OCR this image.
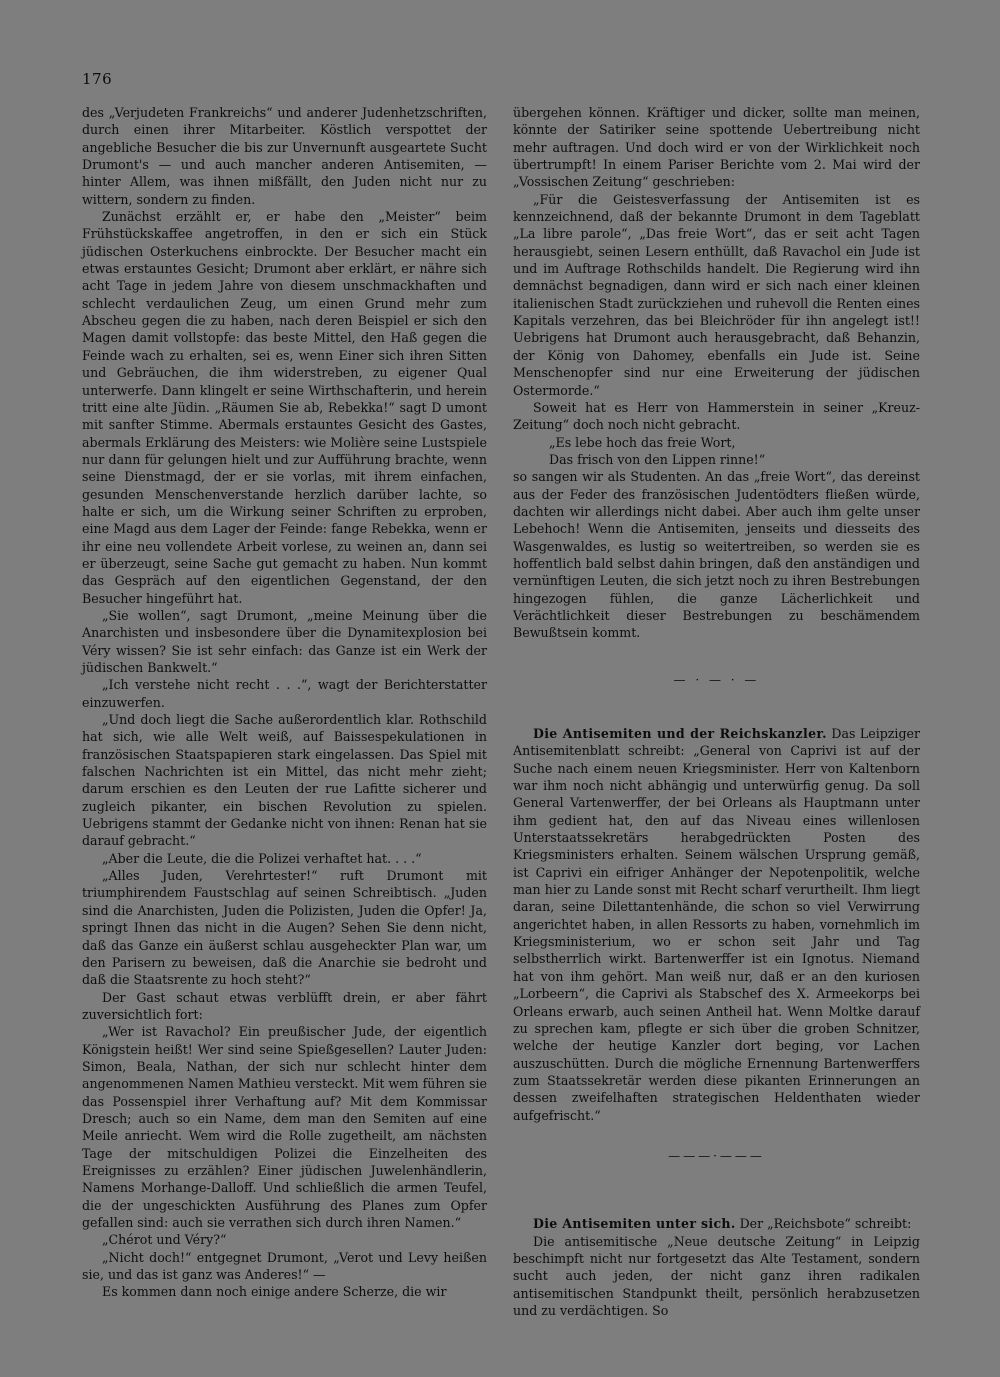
176

des „Verjudeten Frankreichs“ und anderer Judenhetzschriften, durch einen ihrer Mitarbeiter. Köstlich verspottet der angebliche Besucher die bis zur Unvernunft ausgeartete Sucht Drumont's — und auch mancher anderen Antisemiten, — hinter Allem, was ihnen mißfällt, den Juden nicht nur zu wittern, sondern zu finden.

Zunächst erzählt er, er habe den „Meister“ beim Frühstückskaffee angetroffen, in den er sich ein Stück jüdischen Osterkuchens einbrockte. Der Besucher macht ein etwas erstauntes Gesicht; Drumont aber erklärt, er nähre sich acht Tage in jedem Jahre von diesem unschmackhaften und schlecht verdaulichen Zeug, um einen Grund mehr zum Abscheu gegen die zu haben, nach deren Beispiel er sich den Magen damit vollstopfe: das beste Mittel, den Haß gegen die Feinde wach zu erhalten, sei es, wenn Einer sich ihren Sitten und Gebräuchen, die ihm widerstreben, zu eigener Qual unterwerfe. Dann klingelt er seine Wirthschafterin, und herein tritt eine alte Jüdin. „Räumen Sie ab, Rebekka!“ sagt D umont mit sanfter Stimme. Abermals erstauntes Gesicht des Gastes, abermals Erklärung des Meisters: wie Molière seine Lustspiele nur dann für gelungen hielt und zur Aufführung brachte, wenn seine Dienstmagd, der er sie vorlas, mit ihrem einfachen, gesunden Menschenverstande herzlich darüber lachte, so halte er sich, um die Wirkung seiner Schriften zu erproben, eine Magd aus dem Lager der Feinde: fange Rebekka, wenn er ihr eine neu vollendete Arbeit vorlese, zu weinen an, dann sei er überzeugt, seine Sache gut gemacht zu haben. Nun kommt das Gespräch auf den eigentlichen Gegenstand, der den Besucher hingeführt hat.

„Sie wollen“, sagt Drumont, „meine Meinung über die Anarchisten und insbesondere über die Dynamitexplosion bei Véry wissen? Sie ist sehr einfach: das Ganze ist ein Werk der jüdischen Bankwelt.“

„Ich verstehe nicht recht . . .“, wagt der Berichterstatter einzuwerfen.

„Und doch liegt die Sache außerordentlich klar. Rothschild hat sich, wie alle Welt weiß, auf Baissespekulationen in französischen Staatspapieren stark eingelassen. Das Spiel mit falschen Nachrichten ist ein Mittel, das nicht mehr zieht; darum erschien es den Leuten der rue Lafitte sicherer und zugleich pikanter, ein bischen Revolution zu spielen. Uebrigens stammt der Gedanke nicht von ihnen: Renan hat sie darauf gebracht.“

„Aber die Leute, die die Polizei verhaftet hat. . . .“

„Alles Juden, Verehrtester!“ ruft Drumont mit triumphirendem Faustschlag auf seinen Schreibtisch. „Juden sind die Anarchisten, Juden die Polizisten, Juden die Opfer! Ja, springt Ihnen das nicht in die Augen? Sehen Sie denn nicht, daß das Ganze ein äußerst schlau ausgeheckter Plan war, um den Parisern zu beweisen, daß die Anarchie sie bedroht und daß die Staatsrente zu hoch steht?“

Der Gast schaut etwas verblüfft drein, er aber fährt zuversichtlich fort:

„Wer ist Ravachol? Ein preußischer Jude, der eigentlich Königstein heißt! Wer sind seine Spießgesellen? Lauter Juden: Simon, Beala, Nathan, der sich nur schlecht hinter dem angenommenen Namen Mathieu versteckt. Mit wem führen sie das Possenspiel ihrer Verhaftung auf? Mit dem Kommissar Dresch; auch so ein Name, dem man den Semiten auf eine Meile anriecht. Wem wird die Rolle zugetheilt, am nächsten Tage der mitschuldigen Polizei die Einzelheiten des Ereignisses zu erzählen? Einer jüdischen Juwelenhändlerin, Namens Morhange-Dalloff. Und schließlich die armen Teufel, die der ungeschickten Ausführung des Planes zum Opfer gefallen sind: auch sie verrathen sich durch ihren Namen.“

„Chérot und Véry?“

„Nicht doch!“ entgegnet Drumont, „Verot und Levy heißen sie, und das ist ganz was Anderes!“ —

Es kommen dann noch einige andere Scherze, die wir

übergehen können. Kräftiger und dicker, sollte man meinen, könnte der Satiriker seine spottende Uebertreibung nicht mehr auftragen. Und doch wird er von der Wirklichkeit noch übertrumpft! In einem Pariser Berichte vom 2. Mai wird der „Vossischen Zeitung“ geschrieben:

„Für die Geistesverfassung der Antisemiten ist es kennzeichnend, daß der bekannte Drumont in dem Tageblatt „La libre parole“, „Das freie Wort“, das er seit acht Tagen herausgiebt, seinen Lesern enthüllt, daß Ravachol ein Jude ist und im Auftrage Rothschilds handelt. Die Regierung wird ihn demnächst begnadigen, dann wird er sich nach einer kleinen italienischen Stadt zurückziehen und ruhevoll die Renten eines Kapitals verzehren, das bei Bleichröder für ihn angelegt ist!! Uebrigens hat Drumont auch herausgebracht, daß Behanzin, der König von Dahomey, ebenfalls ein Jude ist. Seine Menschenopfer sind nur eine Erweiterung der jüdischen Ostermorde.“

Soweit hat es Herr von Hammerstein in seiner „Kreuz-Zeitung“ doch noch nicht gebracht.

„Es lebe hoch das freie Wort,

Das frisch von den Lippen rinne!“

so sangen wir als Studenten. An das „freie Wort“, das dereinst aus der Feder des französischen Judentödters fließen würde, dachten wir allerdings nicht dabei. Aber auch ihm gelte unser Lebehoch! Wenn die Antisemiten, jenseits und diesseits des Wasgenwaldes, es lustig so weitertreiben, so werden sie es hoffentlich bald selbst dahin bringen, daß den anständigen und vernünftigen Leuten, die sich jetzt noch zu ihren Bestrebungen hingezogen fühlen, die ganze Lächerlichkeit und Verächtlichkeit dieser Bestrebungen zu beschämendem Bewußtsein kommt.

— · — · —

Die Antisemiten und der Reichskanzler. Das Leipziger Antisemitenblatt schreibt: „General von Caprivi ist auf der Suche nach einem neuen Kriegsminister. Herr von Kaltenborn war ihm noch nicht abhängig und unterwürfig genug. Da soll General Vartenwerffer, der bei Orleans als Hauptmann unter ihm gedient hat, den auf das Niveau eines willenlosen Unterstaatssekretärs herabgedrückten Posten des Kriegsministers erhalten. Seinem wälschen Ursprung gemäß, ist Caprivi ein eifriger Anhänger der Nepotenpolitik, welche man hier zu Lande sonst mit Recht scharf verurtheilt. Ihm liegt daran, seine Dilettantenhände, die schon so viel Verwirrung angerichtet haben, in allen Ressorts zu haben, vornehmlich im Kriegsministerium, wo er schon seit Jahr und Tag selbstherrlich wirkt. Bartenwerffer ist ein Ignotus. Niemand hat von ihm gehört. Man weiß nur, daß er an den kuriosen „Lorbeern“, die Caprivi als Stabschef des X. Armeekorps bei Orleans erwarb, auch seinen Antheil hat. Wenn Moltke darauf zu sprechen kam, pflegte er sich über die groben Schnitzer, welche der heutige Kanzler dort beging, vor Lachen auszuschütten. Durch die mögliche Ernennung Bartenwerffers zum Staatssekretär werden diese pikanten Erinnerungen an dessen zweifelhaften strategischen Heldenthaten wieder aufgefrischt.“

———·———

Die Antisemiten unter sich. Der „Reichsbote“ schreibt:

Die antisemitische „Neue deutsche Zeitung“ in Leipzig beschimpft nicht nur fortgesetzt das Alte Testament, sondern sucht auch jeden, der nicht ganz ihren radikalen antisemitischen Standpunkt theilt, persönlich herabzusetzen und zu verdächtigen. So
